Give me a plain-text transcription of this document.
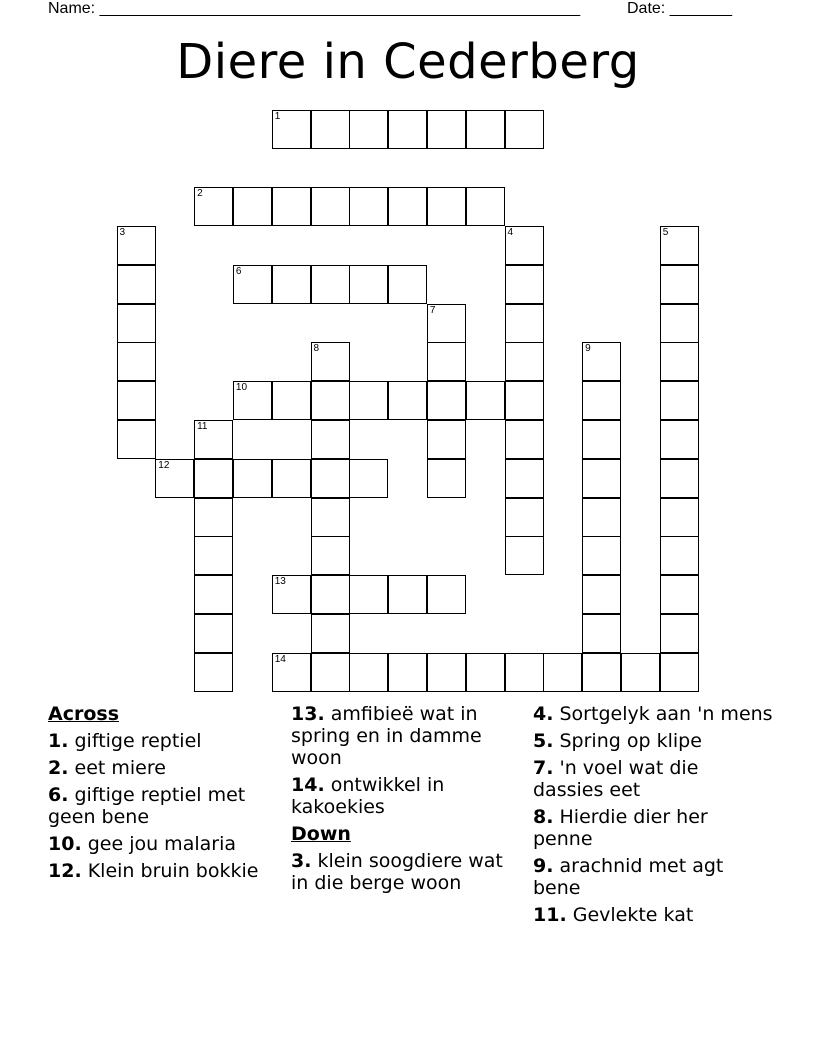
Name: ______________________________________________________	Date: _______
Diere in Cederberg
1
2
3	4	5
6
7
8	9
10
11
12
13
14
Across
1. giftige reptiel
2. eet miere
6. giftige reptiel met geen bene
10. gee jou malaria
12. Klein bruin bokkie
13. amfibieë wat in spring en in damme woon
14. ontwikkel in kakoekies
Down
3. klein soogdiere wat in die berge woon
4. Sortgelyk aan 'n mens
5. Spring op klipe
7. 'n voel wat die dassies eet
8. Hierdie dier her penne
9. arachnid met agt bene
11. Gevlekte kat
